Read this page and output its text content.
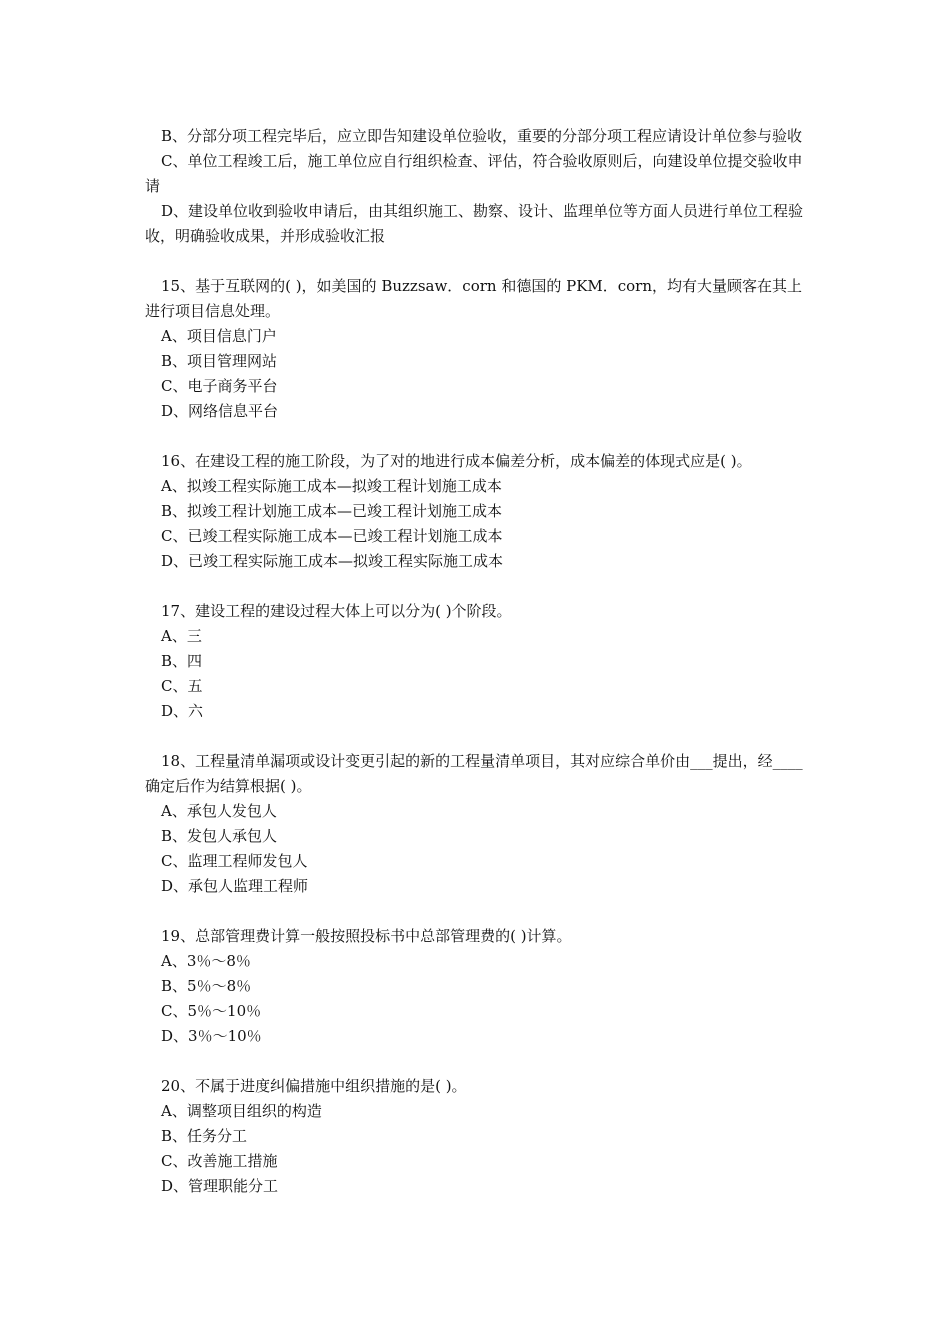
B、分部分项工程完毕后，应立即告知建设单位验收，重要的分部分项工程应请设计单位参与验收

C、单位工程竣工后，施工单位应自行组织检查、评估，符合验收原则后，向建设单位提交验收申请

D、建设单位收到验收申请后，由其组织施工、勘察、设计、监理单位等方面人员进行单位工程验收，明确验收成果，并形成验收汇报

15、基于互联网的( )，如美国的 Buzzsaw．corn 和德国的 PKM．corn，均有大量顾客在其上进行项目信息处理。

A、项目信息门户

B、项目管理网站

C、电子商务平台

D、网络信息平台

16、在建设工程的施工阶段，为了对的地进行成本偏差分析，成本偏差的体现式应是( )。

A、拟竣工程实际施工成本—拟竣工程计划施工成本

B、拟竣工程计划施工成本—已竣工程计划施工成本

C、已竣工程实际施工成本—已竣工程计划施工成本

D、已竣工程实际施工成本—拟竣工程实际施工成本

17、建设工程的建设过程大体上可以分为( )个阶段。

A、三

B、四

C、五

D、六

18、工程量清单漏项或设计变更引起的新的工程量清单项目，其对应综合单价由___提出，经____确定后作为结算根据( )。

A、承包人发包人

B、发包人承包人

C、监理工程师发包人

D、承包人监理工程师

19、总部管理费计算一般按照投标书中总部管理费的( )计算。

A、3％～8％

B、5％～8％

C、5％～10％

D、3％～10％

20、不属于进度纠偏措施中组织措施的是( )。

A、调整项目组织的构造

B、任务分工

C、改善施工措施

D、管理职能分工
